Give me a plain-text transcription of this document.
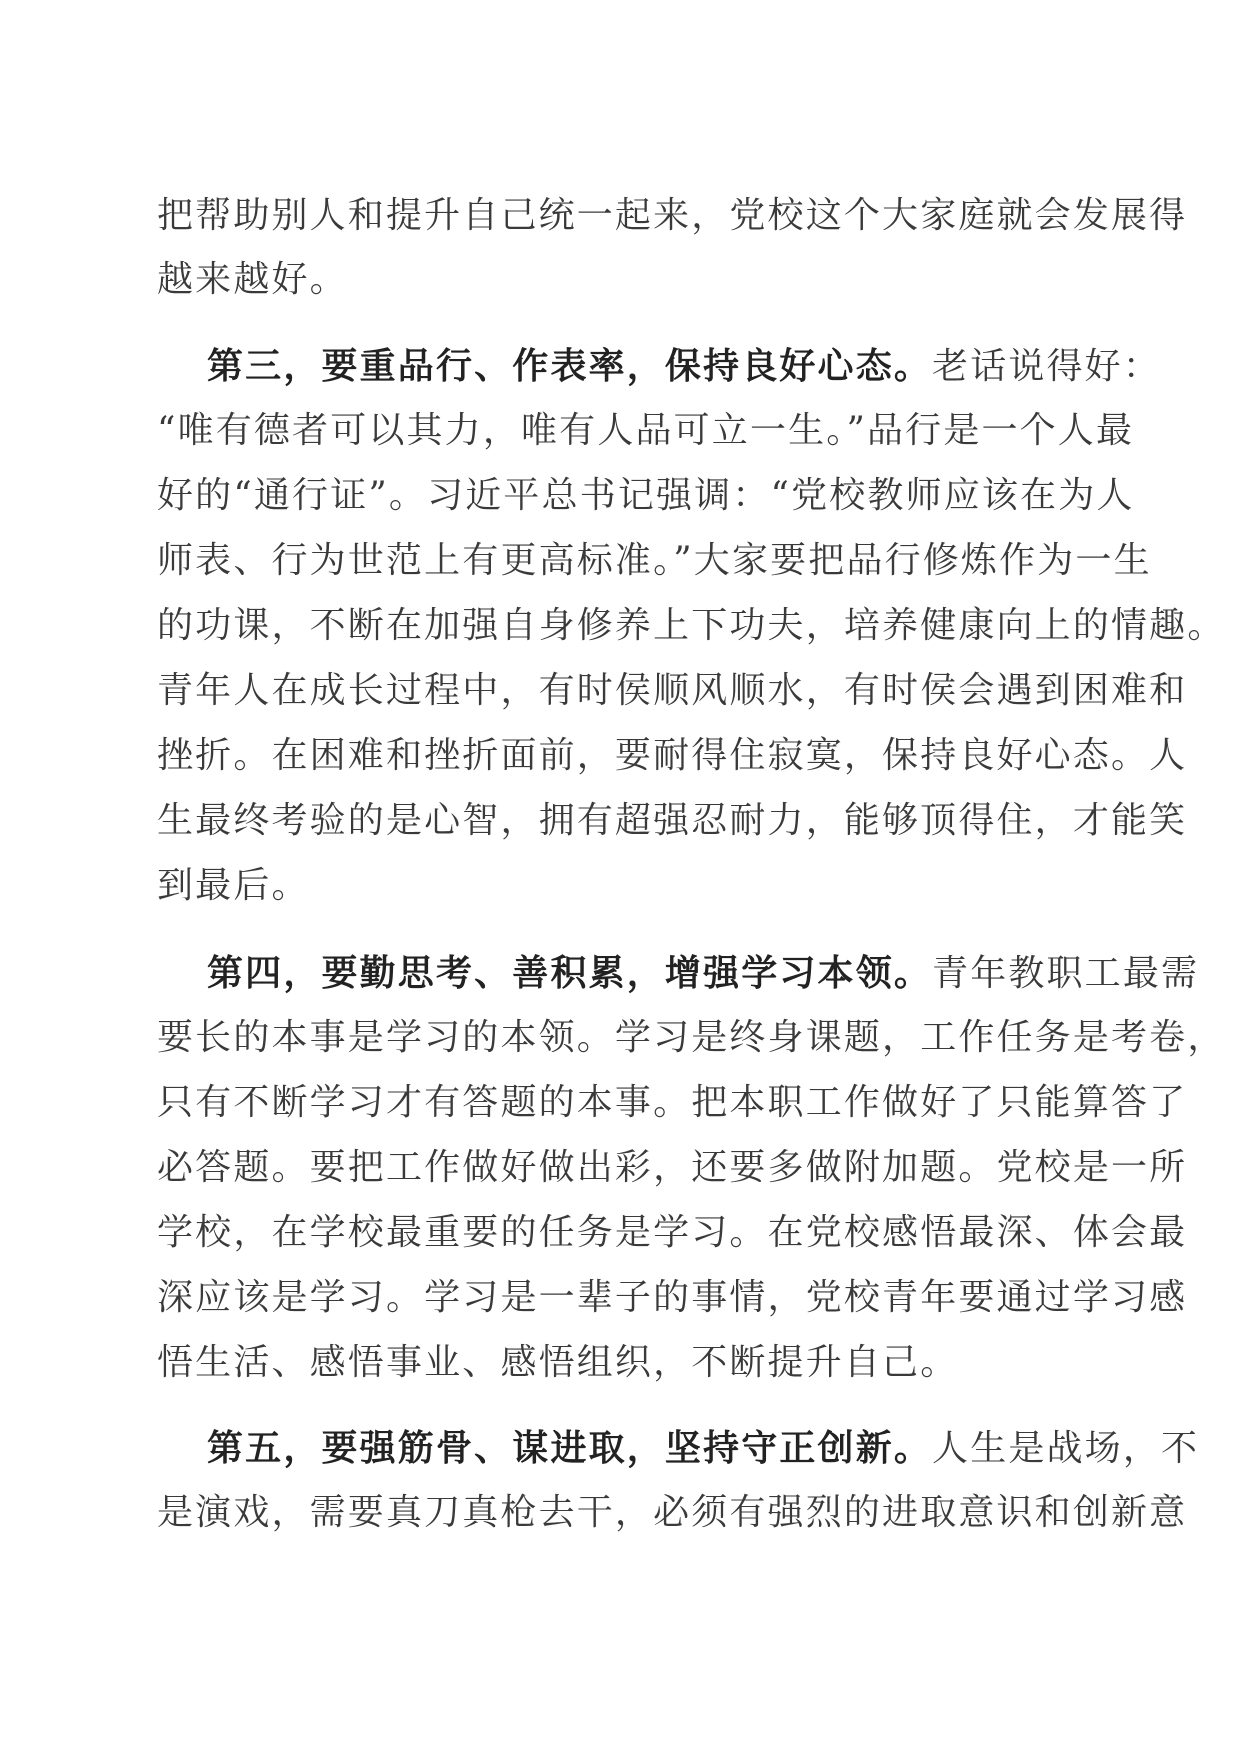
把帮助别人和提升自己统一起来，党校这个大家庭就会发展得
越来越好。
第三，要重品行、作表率，保持良好心态。老话说得好：
“唯有德者可以其力，唯有人品可立一生。”品行是一个人最
好的“通行证”。习近平总书记强调：“党校教师应该在为人
师表、行为世范上有更高标准。”大家要把品行修炼作为一生
的功课，不断在加强自身修养上下功夫，培养健康向上的情趣。
青年人在成长过程中，有时侯顺风顺水，有时侯会遇到困难和
挫折。在困难和挫折面前，要耐得住寂寞，保持良好心态。人
生最终考验的是心智，拥有超强忍耐力，能够顶得住，才能笑
到最后。
第四，要勤思考、善积累，增强学习本领。青年教职工最需
要长的本事是学习的本领。学习是终身课题，工作任务是考卷，
只有不断学习才有答题的本事。把本职工作做好了只能算答了
必答题。要把工作做好做出彩，还要多做附加题。党校是一所
学校，在学校最重要的任务是学习。在党校感悟最深、体会最
深应该是学习。学习是一辈子的事情，党校青年要通过学习感
悟生活、感悟事业、感悟组织，不断提升自己。
第五，要强筋骨、谋进取，坚持守正创新。人生是战场，不
是演戏，需要真刀真枪去干，必须有强烈的进取意识和创新意
